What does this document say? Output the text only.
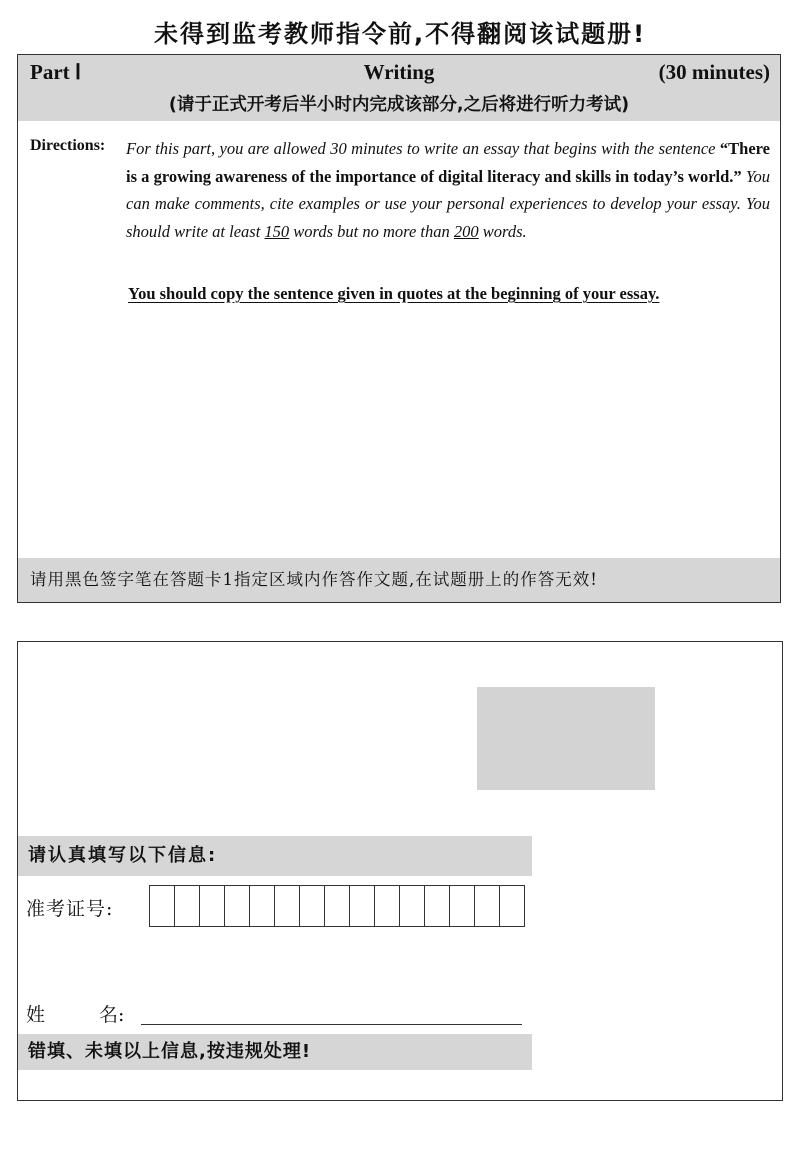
未得到监考教师指令前,不得翻阅该试题册!
Part Ⅰ	Writing	(30 minutes)
(请于正式开考后半小时内完成该部分,之后将进行听力考试)
Directions: For this part, you are allowed 30 minutes to write an essay that begins with the sentence “There is a growing awareness of the importance of digital literacy and skills in today’s world.” You can make comments, cite examples or use your personal experiences to develop your essay. You should write at least 150 words but no more than 200 words.
You should copy the sentence given in quotes at the beginning of your essay.
请用黑色签字笔在答题卡1指定区域内作答作文题,在试题册上的作答无效!
请认真填写以下信息:
准考证号:
姓	名:
错填、未填以上信息,按违规处理!
